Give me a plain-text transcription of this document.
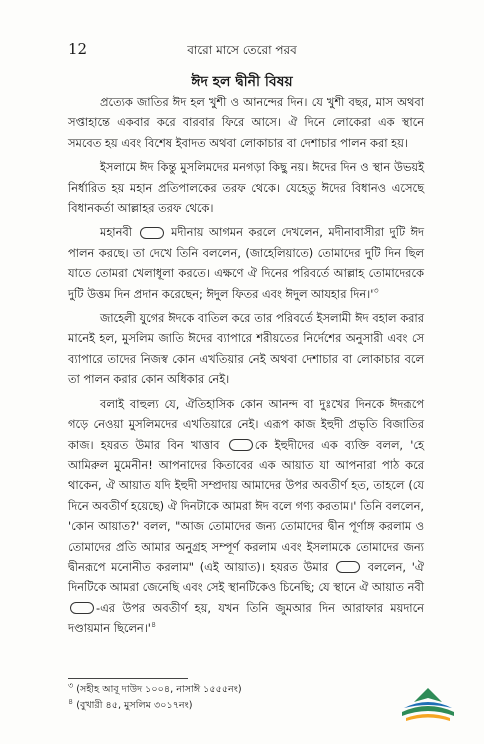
12	বারো মাসে তেরো পরব
ঈদ হল দ্বীনী বিষয়

প্রত্যেক জাতির ঈদ হল খুশী ও আনন্দের দিন। যে খুশী বছর, মাস অথবা সপ্তাহান্তে একবার করে বারবার ফিরে আসে। ঐ দিনে লোকেরা এক স্থানে সমবেত হয় এবং বিশেষ ইবাদত অথবা লোকাচার বা দেশাচার পালন করা হয়।

ইসলামে ঈদ কিন্তু মুসলিমদের মনগড়া কিছু নয়। ঈদের দিন ও স্থান উভয়ই নির্ধারিত হয় মহান প্রতিপালকের তরফ থেকে। যেহেতু ঈদের বিধানও এসেছে বিধানকর্তা আল্লাহর তরফ থেকে।

মহানবী	মদীনায় আগমন করলে দেখলেন, মদীনাবাসীরা দুটি ঈদ পালন করছে। তা দেখে তিনি বললেন, (জাহেলিয়াতে) তোমাদের দুটি দিন ছিল যাতে তোমরা খেলাধূলা করতে। এক্ষণে ঐ দিনের পরিবর্তে আল্লাহ তোমাদেরকে দুটি উত্তম দিন প্রদান করেছেন; ঈদুল ফিতর এবং ঈদুল আযহার $দিন।'^৩$

জাহেলী যুগের ঈদকে বাতিল করে তার পরিবর্তে ইসলামী ঈদ বহাল করার মানেই হল, মুসলিম জাতি ঈদের ব্যাপারে শরীয়তের নির্দেশের অনুসারী এবং সে ব্যাপারে তাদের নিজস্ব কোন এখতিয়ার নেই অথবা দেশাচার বা লোকাচার বলে তা পালন করার কোন অধিকার নেই।

বলাই বাহুল্য যে, ঐতিহাসিক কোন আনন্দ বা দুঃখের দিনকে ঈদরূপে গড়ে নেওয়া মুসলিমদের এখতিয়ারে নেই। এরূপ কাজ ইহুদী প্রভৃতি বিজাতির কাজ। হযরত উমার বিন খাত্তাব	কে ইহুদীদের এক ব্যক্তি বলল, 'হে আমিরুল মুমেনীন! আপনাদের কিতাবের এক আয়াত যা আপনারা পাঠ করে থাকেন, ঐ আয়াত যদি ইহুদী সম্প্রদায় আমাদের উপর অবতীর্ণ হত, তাহলে (যে দিনে অবতীর্ণ হয়েছে) ঐ দিনটাকে আমরা ঈদ বলে গণ্য করতাম।' তিনি বললেন, 'কোন আয়াত?' বলল, "আজ তোমাদের জন্য তোমাদের দ্বীন পূর্ণাঙ্গ করলাম ও তোমাদের প্রতি আমার অনুগ্রহ সম্পূর্ণ করলাম এবং ইসলামকে তোমাদের জন্য দ্বীনরূপে মনোনীত করলাম" (এই আয়াত)। হযরত উমার	বললেন, 'ঐ দিনটিকে আমরা জেনেছি এবং সেই স্থানটিকেও চিনেছি; যে স্থানে ঐ আয়াত নবী -এর উপর অবতীর্ণ হয়, যখন তিনি জুমআর দিন আরাফার ময়দানে দণ্ডায়মান $ছিলেন।'^৪$

$^৩$ (সহীহ আবূ দাউদ ১০০৪, নাসাঈ ১৫৫৫নং)
$^৪$ (বুখারী ৪৫, মুসলিম ৩০১৭নং)
